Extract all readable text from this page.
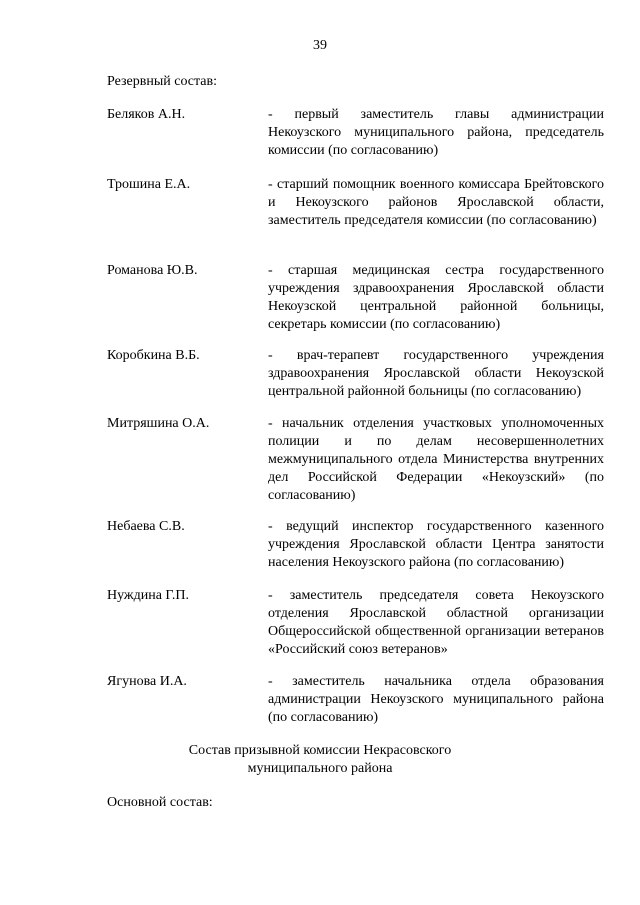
39
Резервный состав:
Беляков А.Н.	- первый заместитель главы администрации Некоузского муниципального района, председатель комиссии (по согласованию)
Трошина Е.А.	- старший помощник военного комиссара Брейтовского и Некоузского районов Ярославской области, заместитель председателя комиссии (по согласованию)
Романова Ю.В.	- старшая медицинская сестра государственного учреждения здравоохранения Ярославской области Некоузской центральной районной больницы, секретарь комиссии (по согласованию)
Коробкина В.Б.	- врач-терапевт государственного учреждения здравоохранения Ярославской области Некоузской центральной районной больницы (по согласованию)
Митряшина О.А.	- начальник отделения участковых уполномоченных полиции и по делам несовершеннолетних межмуниципального отдела Министерства внутренних дел Российской Федерации «Некоузский» (по согласованию)
Небаева С.В.	- ведущий инспектор государственного казенного учреждения Ярославской области Центра занятости населения Некоузского района (по согласованию)
Нуждина Г.П.	- заместитель председателя совета Некоузского отделения Ярославской областной организации Общероссийской общественной организации ветеранов «Российский союз ветеранов»
Ягунова И.А.	- заместитель начальника отдела образования администрации Некоузского муниципального района (по согласованию)
Состав призывной комиссии Некрасовского
муниципального района
Основной состав:
